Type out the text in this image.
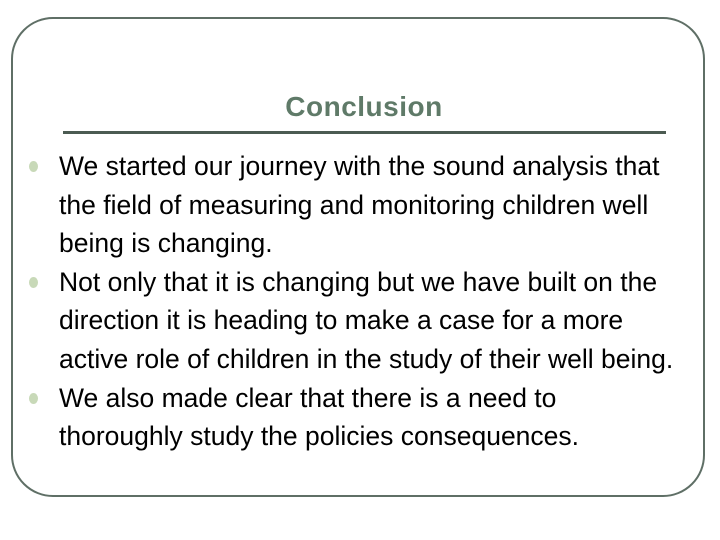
Conclusion
We started our journey with the sound analysis that the field of measuring and monitoring children well being is changing.
Not only that it is changing but we have built on the direction it is heading to make a case for a more active role of children in the study of their well being.
We also made clear that there is a need to thoroughly study the policies consequences.
